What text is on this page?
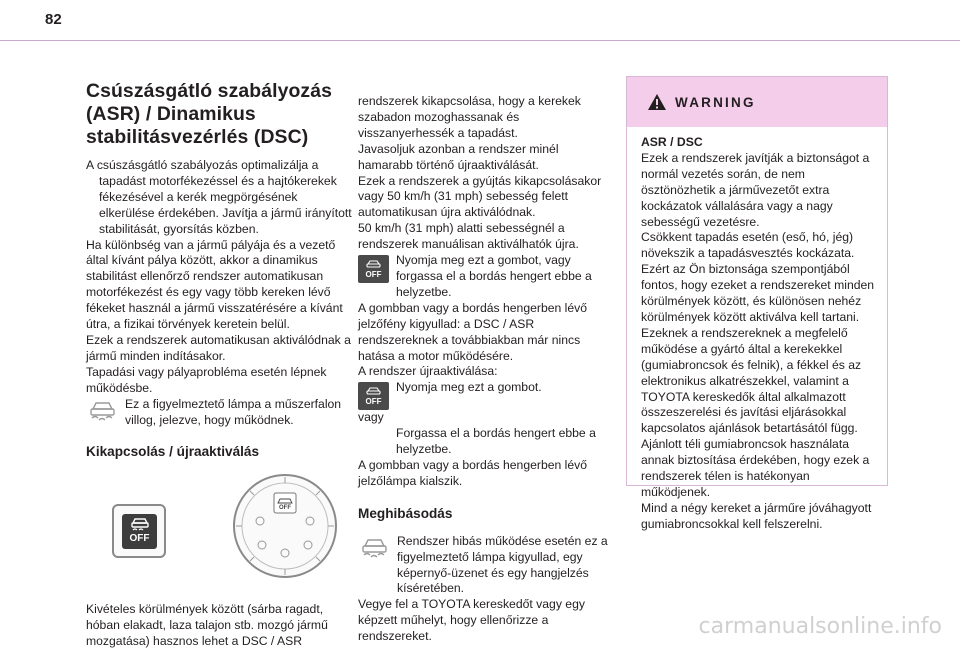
82
Csúszásgátló szabályozás (ASR) / Dinamikus stabilitásvezérlés (DSC)

A csúszásgátló szabályozás optimalizálja a tapadást motorfékezéssel és a hajtókerekek fékezésével a kerék megpörgésének elkerülése érdekében. Javítja a jármű irányított stabilitását, gyorsítás közben.

Ha különbség van a jármű pályája és a vezető által kívánt pálya között, akkor a dinamikus stabilitást ellenőrző rendszer automatikusan motorfékezést és egy vagy több kereken lévő fékeket használ a jármű visszatérésére a kívánt útra, a fizikai törvények keretein belül.

Ezek a rendszerek automatikusan aktiválódnak a jármű minden indításakor.

Tapadási vagy pályaprobléma esetén lépnek működésbe.

Ez a figyelmeztető lámpa a műszerfalon villog, jelezve, hogy működnek.

Kikapcsolás / újraaktiválás
OFF
OFF

Kivételes körülmények között (sárba ragadt, hóban elakadt, laza talajon stb. mozgó jármű mozgatása) hasznos lehet a DSC / ASR

rendszerek kikapcsolása, hogy a kerekek szabadon mozoghassanak és visszanyerhessék a tapadást.

Javasoljuk azonban a rendszer minél hamarabb történő újraaktiválását.

Ezek a rendszerek a gyújtás kikapcsolásakor vagy 50 km/h (31 mph) sebesség felett automatikusan újra aktiválódnak.

50 km/h (31 mph) alatti sebességnél a rendszerek manuálisan aktiválhatók újra.

OFF

Nyomja meg ezt a gombot, vagy forgassa el a bordás hengert ebbe a helyzetbe.

A gombban vagy a bordás hengerben lévő jelzőfény kigyullad: a DSC / ASR rendszereknek a továbbiakban már nincs hatása a motor működésére.

A rendszer újraaktiválása:

OFF

Nyomja meg ezt a gombot.

vagy

Forgassa el a bordás hengert ebbe a helyzetbe.

A gombban vagy a bordás hengerben lévő jelzőlámpa kialszik.

Meghibásodás

Rendszer hibás működése esetén ez a figyelmeztető lámpa kigyullad, egy képernyő-üzenet és egy hangjelzés kíséretében.

Vegye fel a TOYOTA kereskedőt vagy egy képzett műhelyt, hogy ellenőrizze a rendszereket.

WARNING

ASR / DSC

Ezek a rendszerek javítják a biztonságot a normál vezetés során, de nem ösztönözhetik a járművezetőt extra kockázatok vállalására vagy a nagy sebességű vezetésre.

Csökkent tapadás esetén (eső, hó, jég) növekszik a tapadásvesztés kockázata. Ezért az Ön biztonsága szempontjából fontos, hogy ezeket a rendszereket minden körülmények között, és különösen nehéz körülmények között aktiválva kell tartani.

Ezeknek a rendszereknek a megfelelő működése a gyártó által a kerekekkel (gumiabroncsok és felnik), a fékkel és az elektronikus alkatrészekkel, valamint a TOYOTA kereskedők által alkalmazott összeszerelési és javítási eljárásokkal kapcsolatos ajánlások betartásától függ.

Ajánlott téli gumiabroncsok használata annak biztosítása érdekében, hogy ezek a rendszerek télen is hatékonyan működjenek.

Mind a négy kereket a járműre jóváhagyott gumiabroncsokkal kell felszerelni.

carmanualsonline.info
